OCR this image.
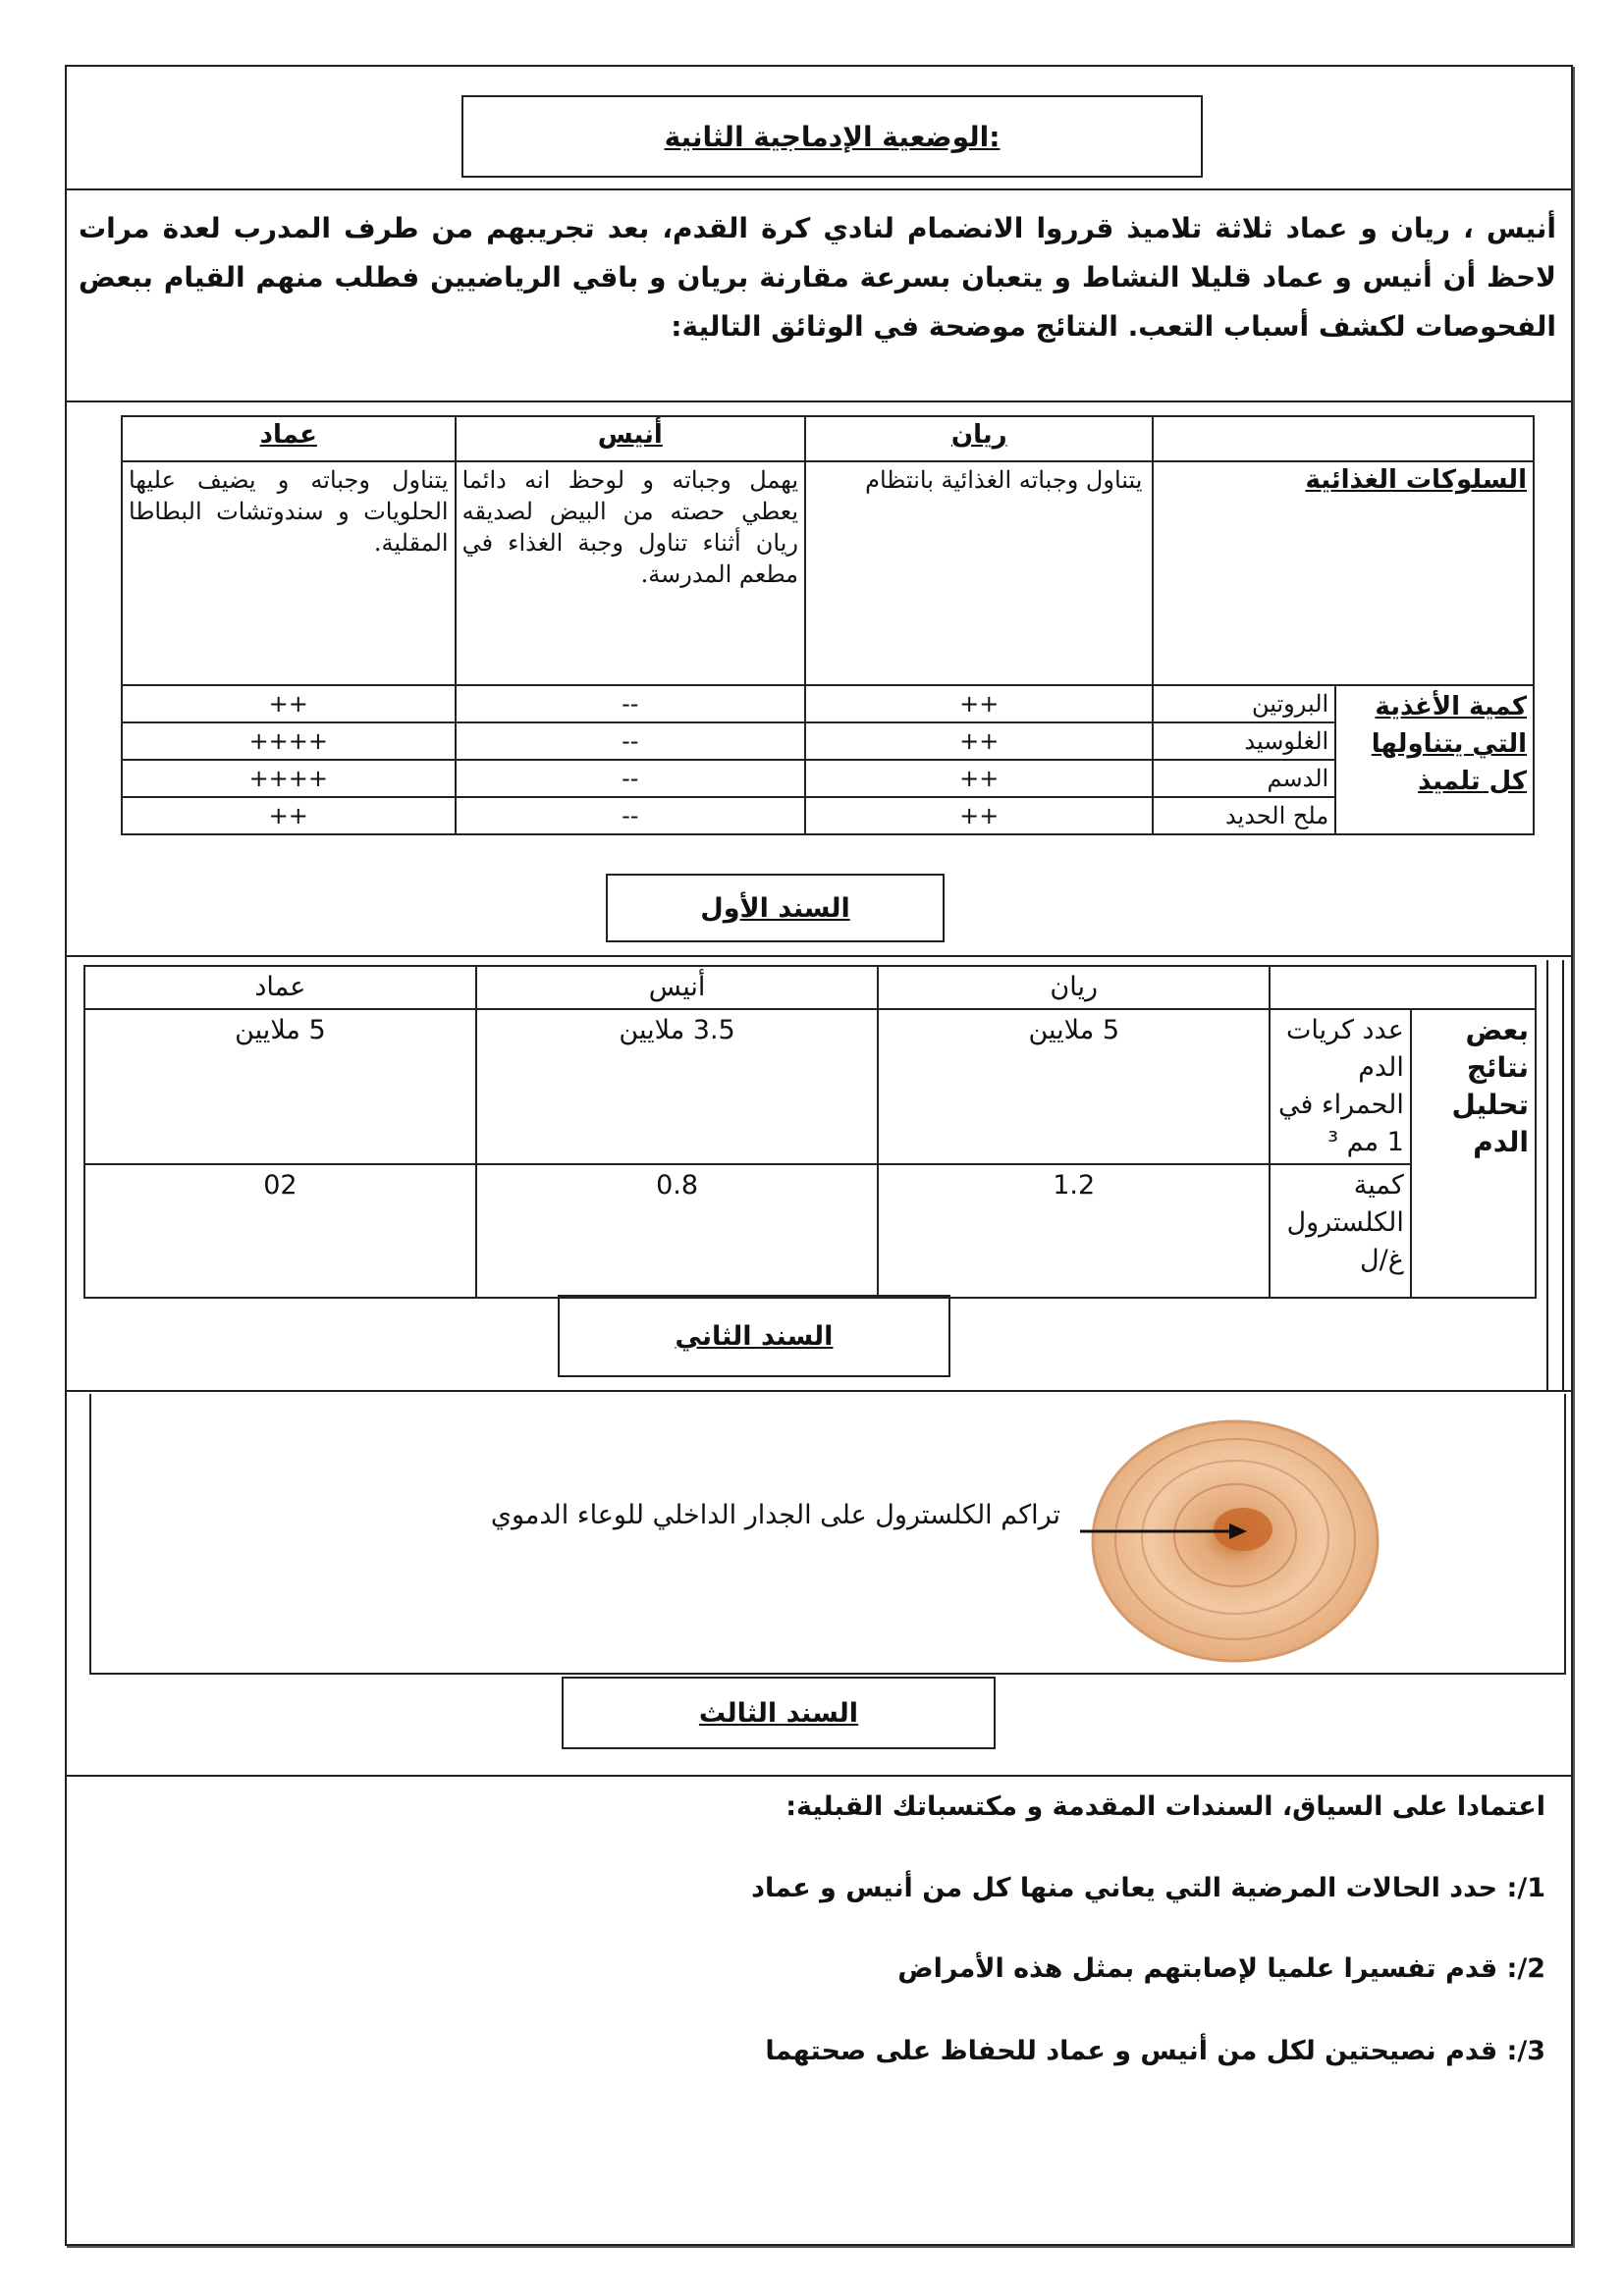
الوضعية الإدماجية الثانية:
أنيس ، ريان و عماد ثلاثة تلاميذ قرروا الانضمام لنادي كرة القدم، بعد تجريبهم من طرف المدرب لعدة مرات لاحظ أن أنيس و عماد قليلا النشاط و يتعبان بسرعة مقارنة بريان و باقي الرياضيين فطلب منهم القيام ببعض الفحوصات لكشف أسباب التعب. النتائج موضحة في الوثائق التالية:
		ريان	أنيس	عماد
السلوكات الغذائية		يتناول وجباته الغذائية بانتظام	يهمل وجباته و لوحظ انه دائما يعطي حصته من البيض لصديقه ريان أثناء تناول وجبة الغذاء في مطعم المدرسة.	يتناول وجباته و يضيف عليها الحلويات و سندوتشات البطاطا المقلية.
كمية الأغذية التي يتناولها كل تلميذ	البروتين	++	--	++
	الغلوسيد	++	--	++++
	الدسم	++	--	++++
	ملح الحديد	++	--	++
السند الأول
		ريان	أنيس	عماد
بعض نتائج تحليل الدم	عدد كريات الدم الحمراء في 1 مم ³	5 ملايين	3.5 ملايين	5 ملايين
	كمية الكلسترول غ/ل	1.2	0.8	02
السند الثاني
تراكم الكلسترول على الجدار الداخلي للوعاء الدموي
السند الثالث
اعتمادا على السياق، السندات المقدمة و مكتسباتك القبلية:
1/: حدد الحالات المرضية التي يعاني منها كل من أنيس و عماد
2/: قدم تفسيرا علميا لإصابتهم بمثل هذه الأمراض
3/: قدم نصيحتين لكل من أنيس و عماد للحفاظ على صحتهما
